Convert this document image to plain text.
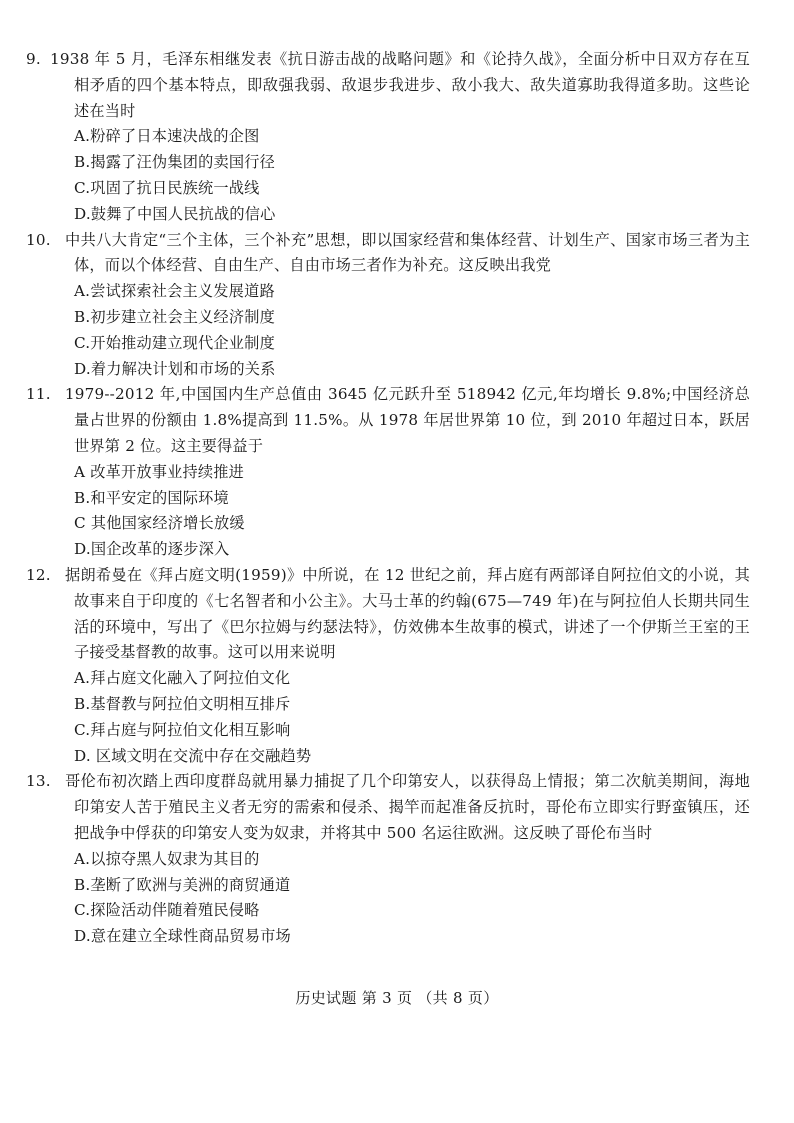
9. 1938 年 5 月，毛泽东相继发表《抗日游击战的战略问题》和《论持久战》，全面分析中日双方存在互相矛盾的四个基本特点，即敌强我弱、敌退步我进步、敌小我大、敌失道寡助我得道多助。这些论述在当时

A.粉碎了日本速决战的企图
B.揭露了汪伪集团的卖国行径
C.巩固了抗日民族统一战线
D.鼓舞了中国人民抗战的信心

10. 中共八大肯定“三个主体，三个补充”思想，即以国家经营和集体经营、计划生产、国家市场三者为主体，而以个体经营、自由生产、自由市场三者作为补充。这反映出我党

A.尝试探索社会主义发展道路
B.初步建立社会主义经济制度
C.开始推动建立现代企业制度
D.着力解决计划和市场的关系

11. 1979--2012 年,中国国内生产总值由 3645 亿元跃升至 518942 亿元,年均增长 9.8%;中国经济总量占世界的份额由 1.8%提高到 11.5%。从 1978 年居世界第 10 位，到 2010 年超过日本，跃居世界第 2 位。这主要得益于

A 改革开放事业持续推进
B.和平安定的国际环境
C 其他国家经济增长放缓
D.国企改革的逐步深入

12. 据朗希曼在《拜占庭文明(1959)》中所说，在 12 世纪之前，拜占庭有两部译自阿拉伯文的小说，其故事来自于印度的《七名智者和小公主》。大马士革的约翰(675—749 年)在与阿拉伯人长期共同生活的环境中，写出了《巴尔拉姆与约瑟法特》，仿效佛本生故事的模式，讲述了一个伊斯兰王室的王子接受基督教的故事。这可以用来说明

A.拜占庭文化融入了阿拉伯文化
B.基督教与阿拉伯文明相互排斥
C.拜占庭与阿拉伯文化相互影响
D. 区域文明在交流中存在交融趋势

13. 哥伦布初次踏上西印度群岛就用暴力捕捉了几个印第安人，以获得岛上情报；第二次航美期间，海地印第安人苦于殖民主义者无穷的需索和侵杀、揭竿而起准备反抗时，哥伦布立即实行野蛮镇压，还把战争中俘获的印第安人变为奴隶，并将其中 500 名运往欧洲。这反映了哥伦布当时

A.以掠夺黑人奴隶为其目的
B.垄断了欧洲与美洲的商贸通道
C.探险活动伴随着殖民侵略
D.意在建立全球性商品贸易市场
历史试题 第 3 页 （共 8 页）
